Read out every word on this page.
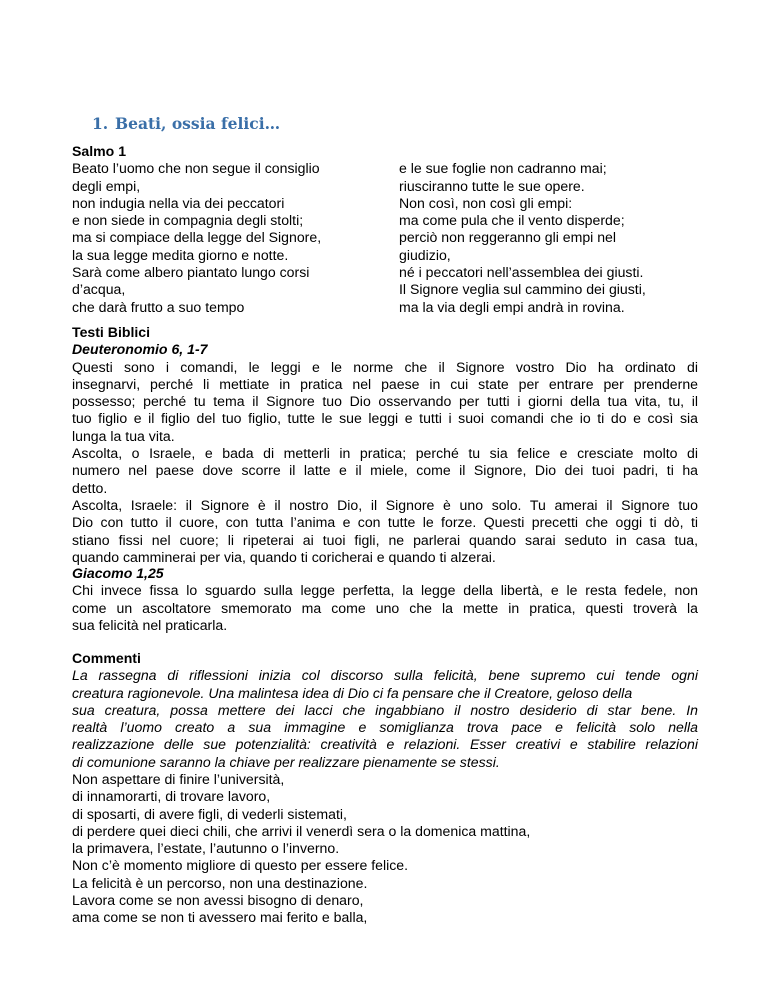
1. Beati, ossia felici…
Salmo 1
Beato l’uomo che non segue il consiglio
degli empi,
non indugia nella via dei peccatori
e non siede in compagnia degli stolti;
ma si compiace della legge del Signore,
la sua legge medita giorno e notte.
Sarà come albero piantato lungo corsi
d’acqua,
che darà frutto a suo tempo
e le sue foglie non cadranno mai;
riusciranno tutte le sue opere.
Non così, non così gli empi:
ma come pula che il vento disperde;
perciò non reggeranno gli empi nel
giudizio,
né i peccatori nell’assemblea dei giusti.
Il Signore veglia sul cammino dei giusti,
ma la via degli empi andrà in rovina.
Testi Biblici
Deuteronomio 6, 1-7
Questi sono i comandi, le leggi e le norme che il Signore vostro Dio ha ordinato di
insegnarvi, perché li mettiate in pratica nel paese in cui state per entrare per prenderne
possesso; perché tu tema il Signore tuo Dio osservando per tutti i giorni della tua vita, tu, il
tuo figlio e il figlio del tuo figlio, tutte le sue leggi e tutti i suoi comandi che io ti do e così sia
lunga la tua vita.
Ascolta, o Israele, e bada di metterli in pratica; perché tu sia felice e cresciate molto di
numero nel paese dove scorre il latte e il miele, come il Signore, Dio dei tuoi padri, ti ha
detto.
Ascolta, Israele: il Signore è il nostro Dio, il Signore è uno solo. Tu amerai il Signore tuo
Dio con tutto il cuore, con tutta l’anima e con tutte le forze. Questi precetti che oggi ti dò, ti
stiano fissi nel cuore; li ripeterai ai tuoi figli, ne parlerai quando sarai seduto in casa tua,
quando camminerai per via, quando ti coricherai e quando ti alzerai.
Giacomo 1,25
Chi invece fissa lo sguardo sulla legge perfetta, la legge della libertà, e le resta fedele, non
come un ascoltatore smemorato ma come uno che la mette in pratica, questi troverà la
sua felicità nel praticarla.
Commenti
La rassegna di riflessioni inizia col discorso sulla felicità, bene supremo cui tende ogni
creatura ragionevole. Una malintesa idea di Dio ci fa pensare che il Creatore, geloso della
sua creatura, possa mettere dei lacci che ingabbiano il nostro desiderio di star bene. In
realtà l’uomo creato a sua immagine e somiglianza trova pace e felicità solo nella
realizzazione delle sue potenzialità: creatività e relazioni. Esser creativi e stabilire relazioni
di comunione saranno la chiave per realizzare pienamente se stessi.
Non aspettare di finire l’università,
di innamorarti, di trovare lavoro,
di sposarti, di avere figli, di vederli sistemati,
di perdere quei dieci chili, che arrivi il venerdì sera o la domenica mattina,
la primavera, l’estate, l’autunno o l’inverno.
Non c’è momento migliore di questo per essere felice.
La felicità è un percorso, non una destinazione.
Lavora come se non avessi bisogno di denaro,
ama come se non ti avessero mai ferito e balla,
